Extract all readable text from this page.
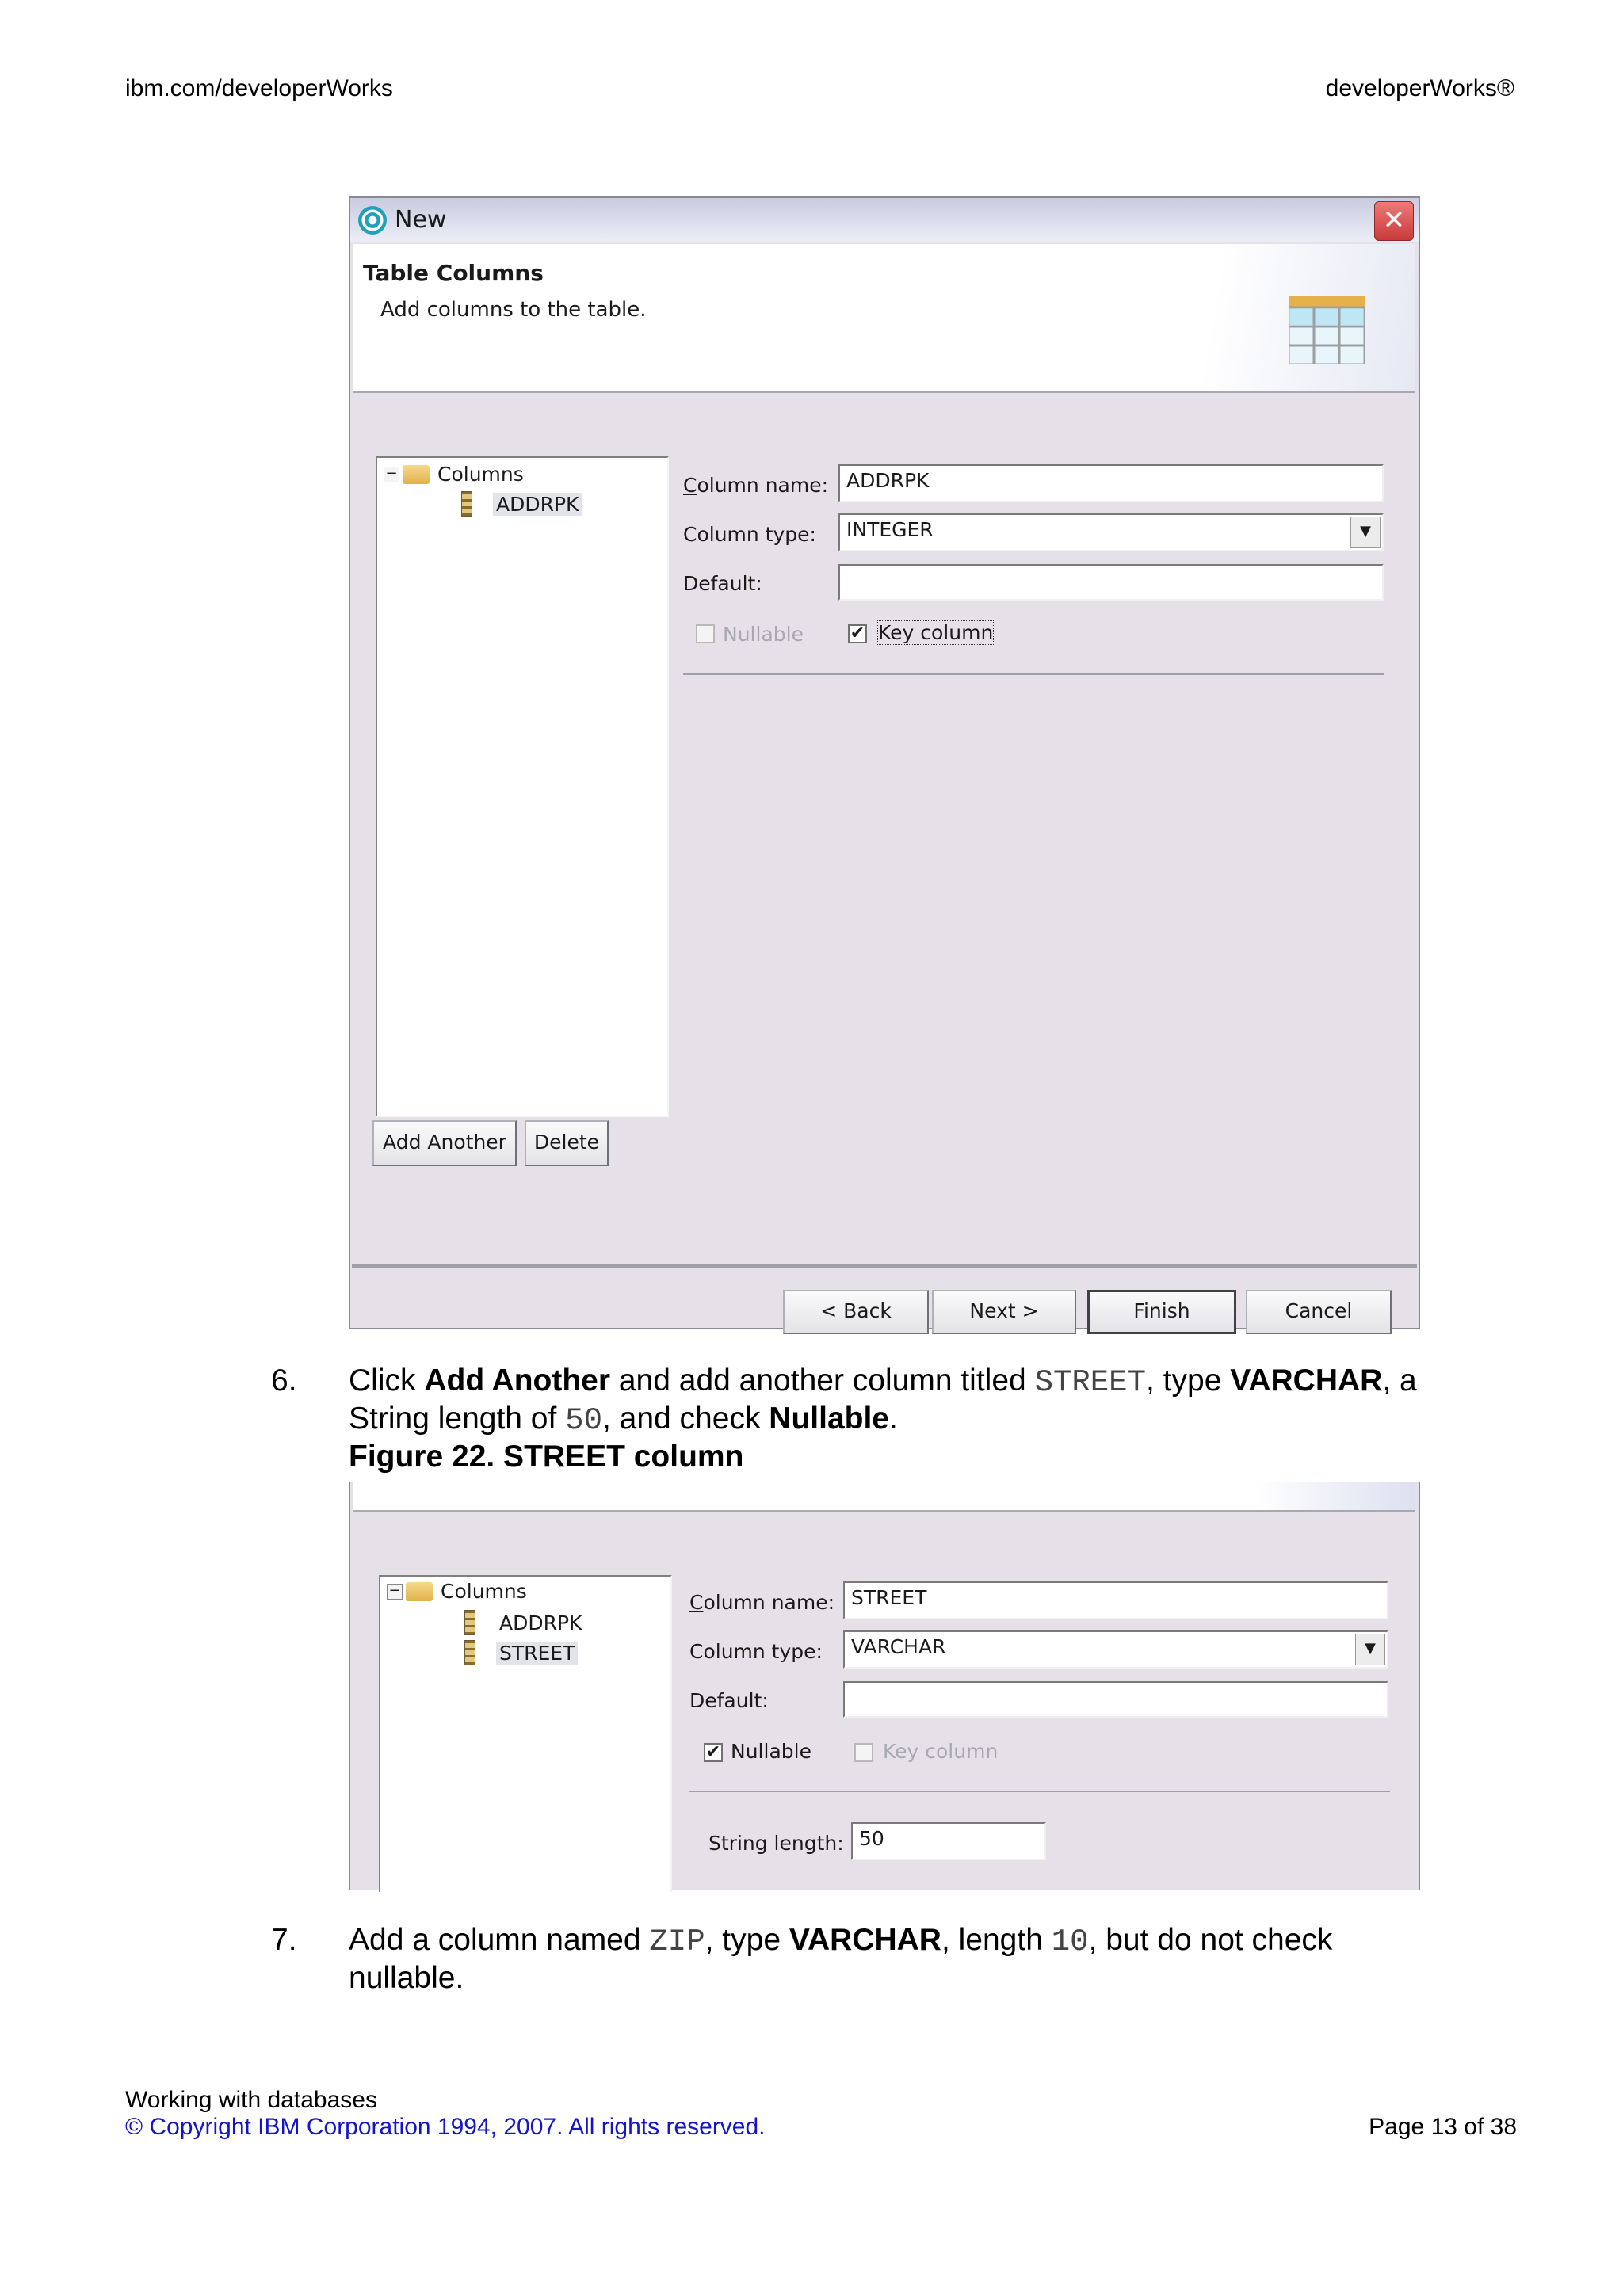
ibm.com/developerWorks	developerWorks®
New	✕
Table Columns
Add columns to the table.
− Columns
ADDRPK
Column name: ADDRPK
Column type:	INTEGER	▼
Default:
Nullable	✔ Key column
Add Another	Delete
< Back	Next >	Finish	Cancel
6. Click Add Another and add another column titled STREET, type VARCHAR, a String length of 50, and check Nullable.
Figure 22. STREET column
− Columns
ADDRPK
STREET
Column name: STREET
Column type:	VARCHAR	▼
Default:
✔ Nullable	Key column
String length: 50
7. Add a column named ZIP, type VARCHAR, length 10, but do not check nullable.
Working with databases
© Copyright IBM Corporation 1994, 2007. All rights reserved.	Page 13 of 38
